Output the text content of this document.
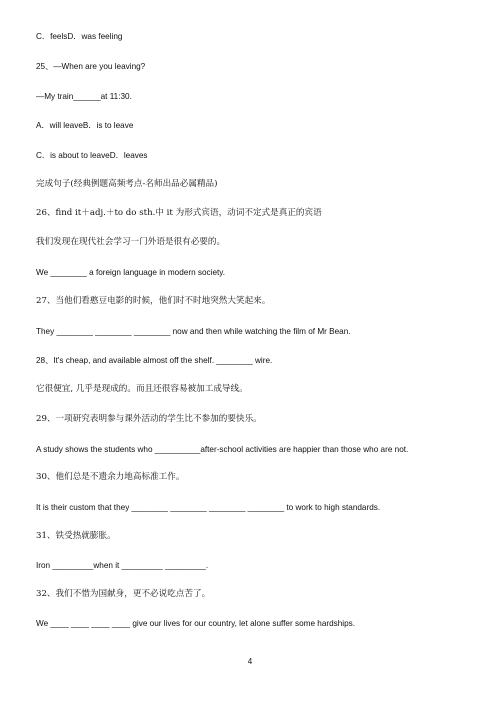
C．feelsD．was feeling
25、—When are you leaving?
—My train______at 11:30.
A．will leaveB．is to leave
C．is about to leaveD．leaves
完成句子(经典例题高频考点-名师出品必属精品)
26、find it＋adj.＋to do sth.中 it 为形式宾语，动词不定式是真正的宾语
我们发现在现代社会学习一门外语是很有必要的。
We ________ a foreign language in modern society.
27、当他们看憨豆电影的时候，他们时不时地突然大笑起来。
They ________ ________ ________ now and then while watching the film of Mr Bean.
28、It's cheap, and available almost off the shelf. ________ wire.
它很便宜, 几乎是现成的。而且还很容易被加工成导线。
29、一项研究表明参与课外活动的学生比不参加的要快乐。
A study shows the students who __________after-school activities are happier than those who are not.
30、他们总是不遗余力地高标准工作。
It is their custom that they ________ ________ ________ ________ to work to high standards.
31、铁受热就膨胀。
Iron _________when it _________ _________.
32、我们不惜为国献身，更不必说吃点苦了。
We ____ ____ ____ ____ give our lives for our country, let alone suffer some hardships.
4
